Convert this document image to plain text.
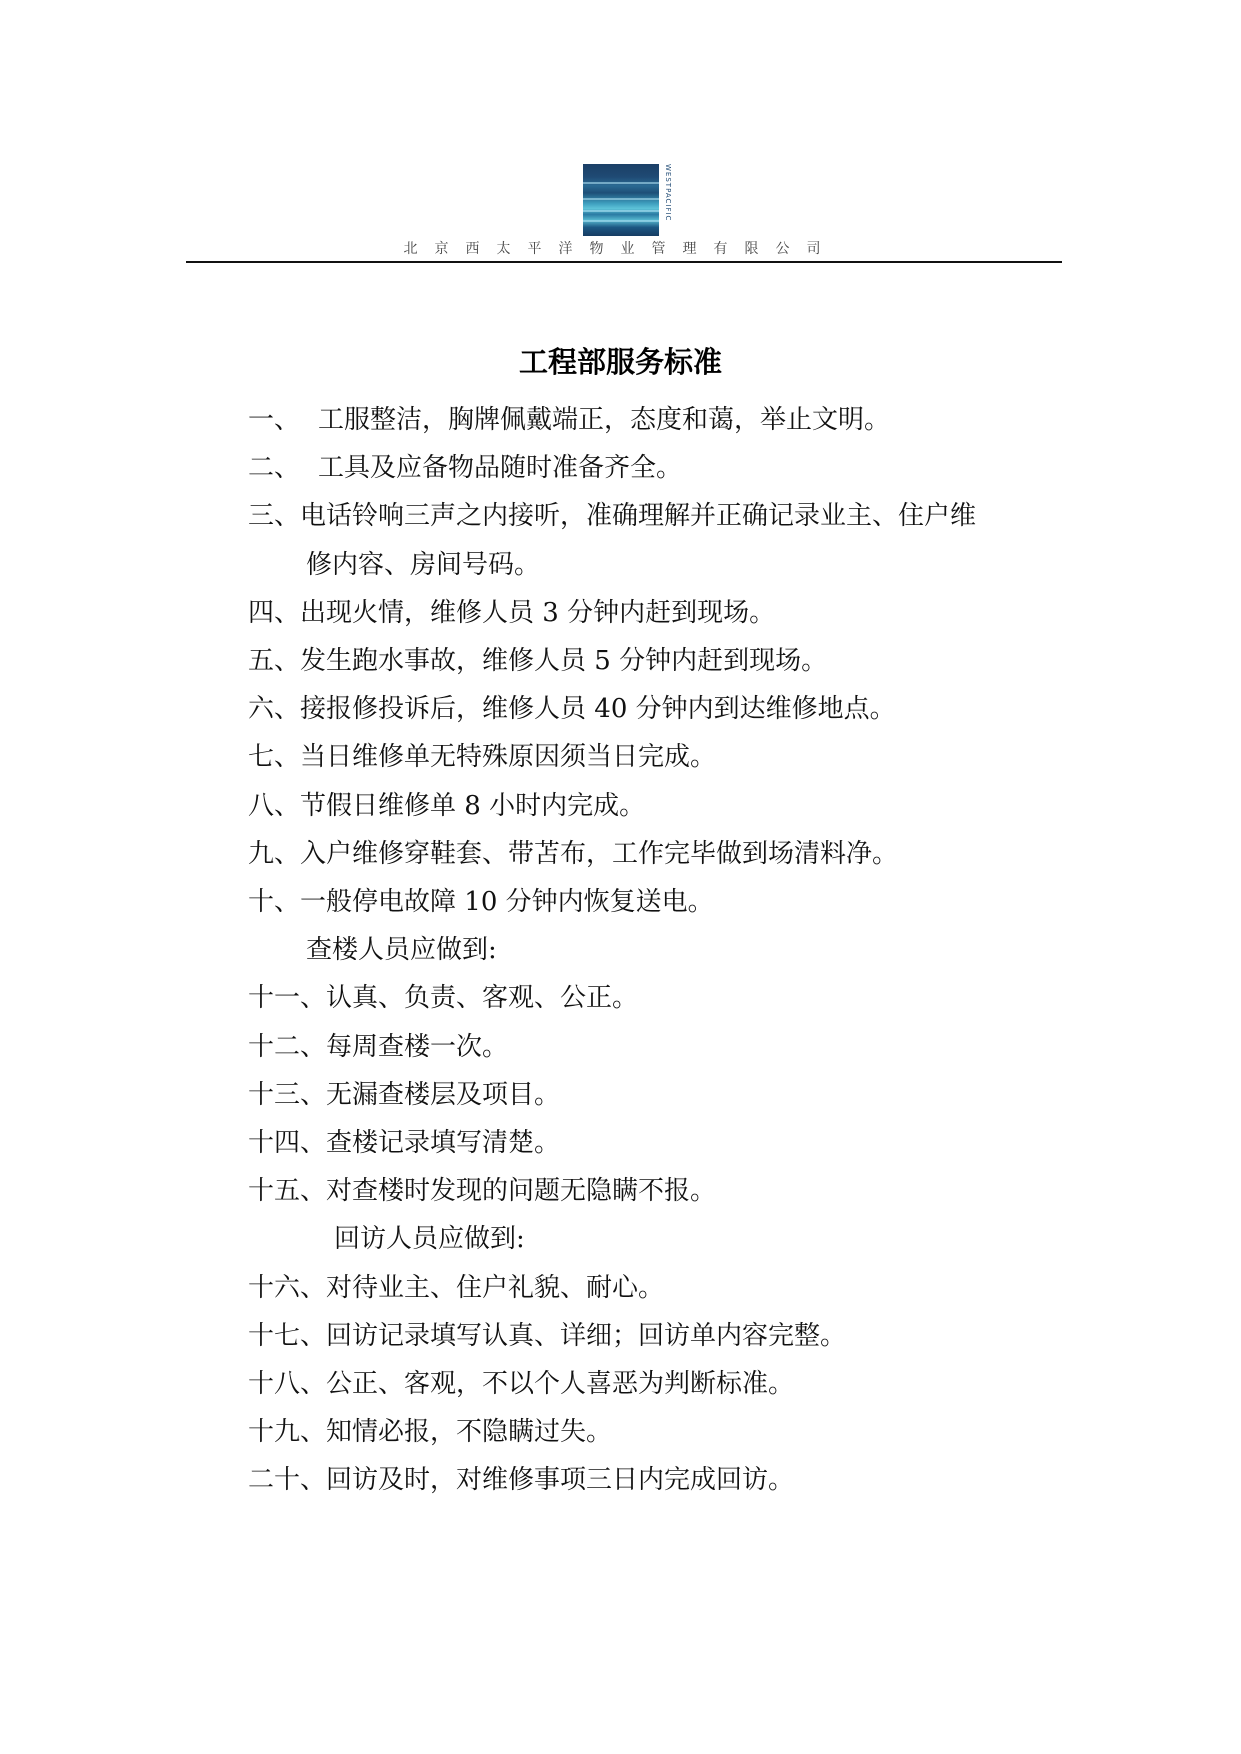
WESTPACIFIC
北京西太平洋物业管理有限公司
工程部服务标准
一、 工服整洁，胸牌佩戴端正，态度和蔼，举止文明。
二、 工具及应备物品随时准备齐全。
三、电话铃响三声之内接听，准确理解并正确记录业主、住户维
修内容、房间号码。
四、出现火情，维修人员 3 分钟内赶到现场。
五、发生跑水事故，维修人员 5 分钟内赶到现场。
六、接报修投诉后，维修人员 40 分钟内到达维修地点。
七、当日维修单无特殊原因须当日完成。
八、节假日维修单 8 小时内完成。
九、入户维修穿鞋套、带苫布，工作完毕做到场清料净。
十、一般停电故障 10 分钟内恢复送电。
查楼人员应做到:
十一、认真、负责、客观、公正。
十二、每周查楼一次。
十三、无漏查楼层及项目。
十四、查楼记录填写清楚。
十五、对查楼时发现的问题无隐瞒不报。
回访人员应做到:
十六、对待业主、住户礼貌、耐心。
十七、回访记录填写认真、详细；回访单内容完整。
十八、公正、客观，不以个人喜恶为判断标准。
十九、知情必报，不隐瞒过失。
二十、回访及时，对维修事项三日内完成回访。
